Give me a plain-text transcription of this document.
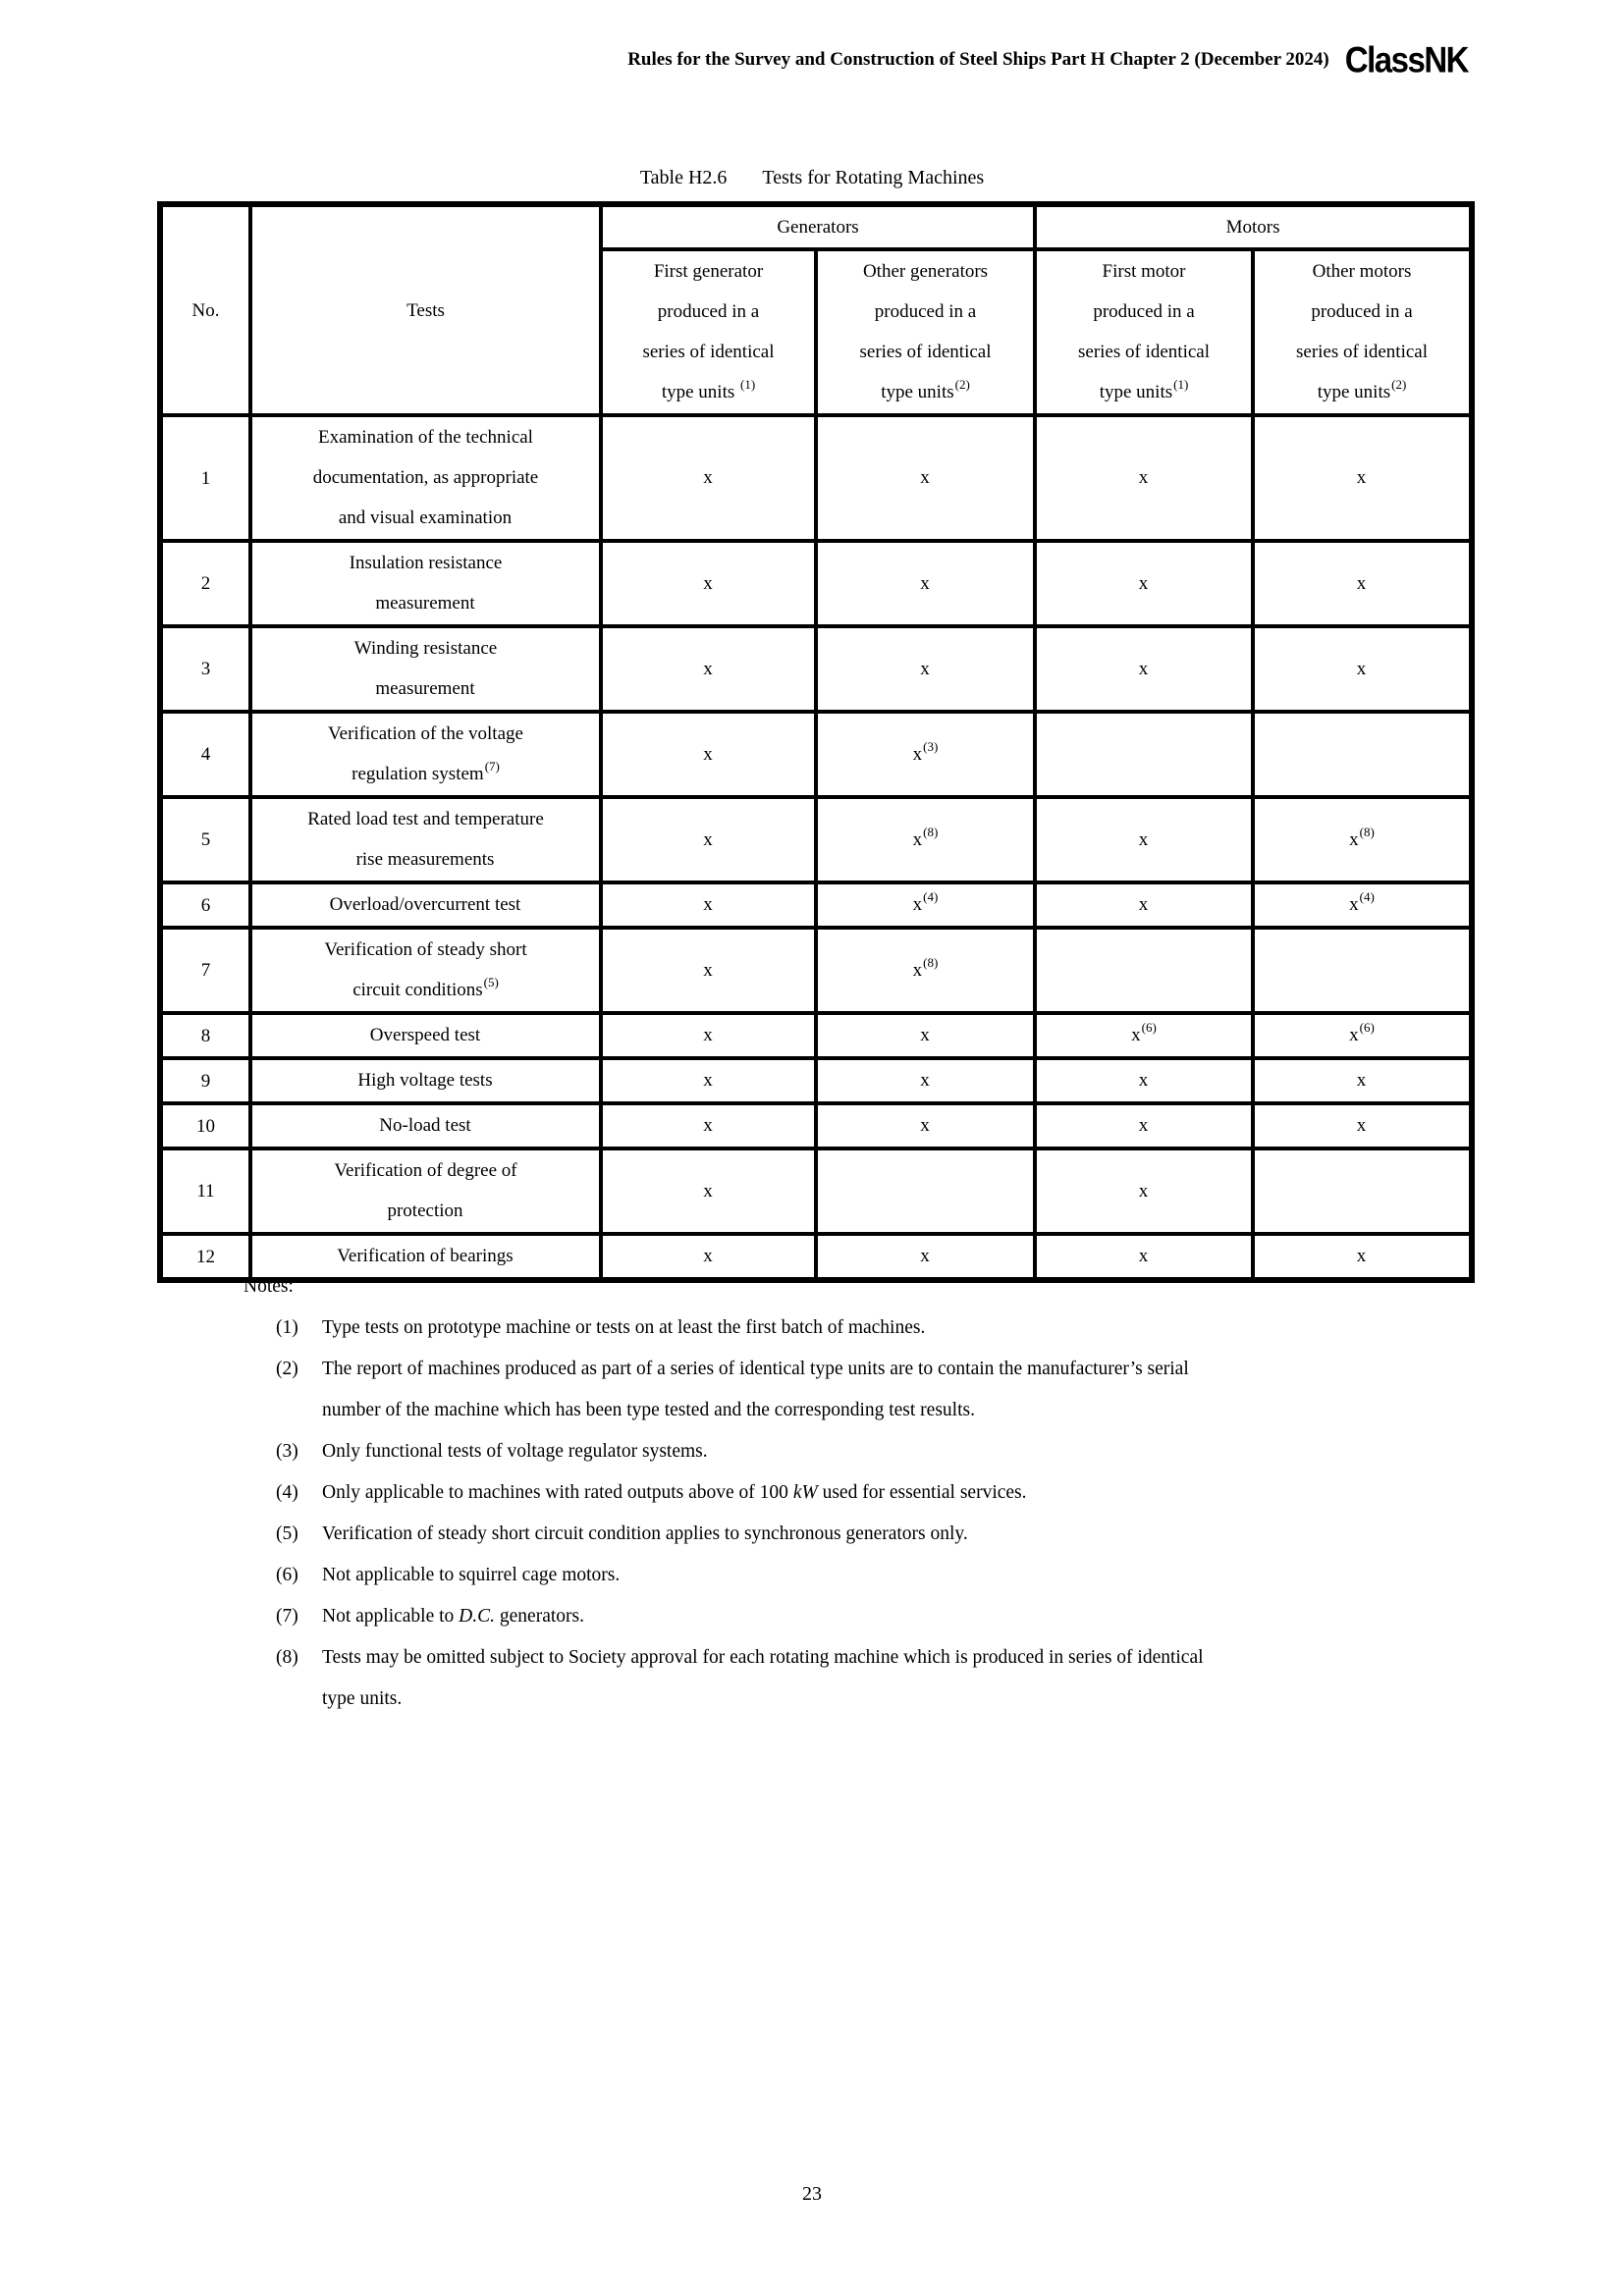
Rules for the Survey and Construction of Steel Ships Part H Chapter 2 (December 2024) ClassNK
Table H2.6 Tests for Rotating Machines
No.	Tests	Generators		Motors	
		First generator
produced in a
series of identical
type units $^{(1)}$	Other generators
produced in a
series of identical
type units$^{(2)}$	First motor
produced in a
series of identical
type units$^{(1)}$	Other motors
produced in a
series of identical
type units$^{(2)}$
1	Examination of the technical
documentation, as appropriate
and visual examination	x	x	x	x
2	Insulation resistance
measurement	x	x	x	x
3	Winding resistance
measurement	x	x	x	x
4	Verification of the voltage
regulation system$^{(7)}$	x	$x^{(3)}$		
5	Rated load test and temperature
rise measurements	x	$x^{(8)}$	x	$x^{(8)}$
6	Overload/overcurrent test	x	$x^{(4)}$	x	$x^{(4)}$
7	Verification of steady short
circuit conditions$^{(5)}$	x	$x^{(8)}$		
8	Overspeed test	x	x	$x^{(6)}$	$x^{(6)}$
9	High voltage tests	x	x	x	x
10	No-load test	x	x	x	x
11	Verification of degree of
protection	x		x	
12	Verification of bearings	x	x	x	x
Notes:
(1)	Type tests on prototype machine or tests on at least the first batch of machines.
(2)	The report of machines produced as part of a series of identical type units are to contain the manufacturer’s serial
number of the machine which has been type tested and the corresponding test results.
(3)	Only functional tests of voltage regulator systems.
(4)	Only applicable to machines with rated outputs above of 100 kW used for essential services.
(5)	Verification of steady short circuit condition applies to synchronous generators only.
(6)	Not applicable to squirrel cage motors.
(7)	Not applicable to D.C. generators.
(8)	Tests may be omitted subject to Society approval for each rotating machine which is produced in series of identical
type units.
23
